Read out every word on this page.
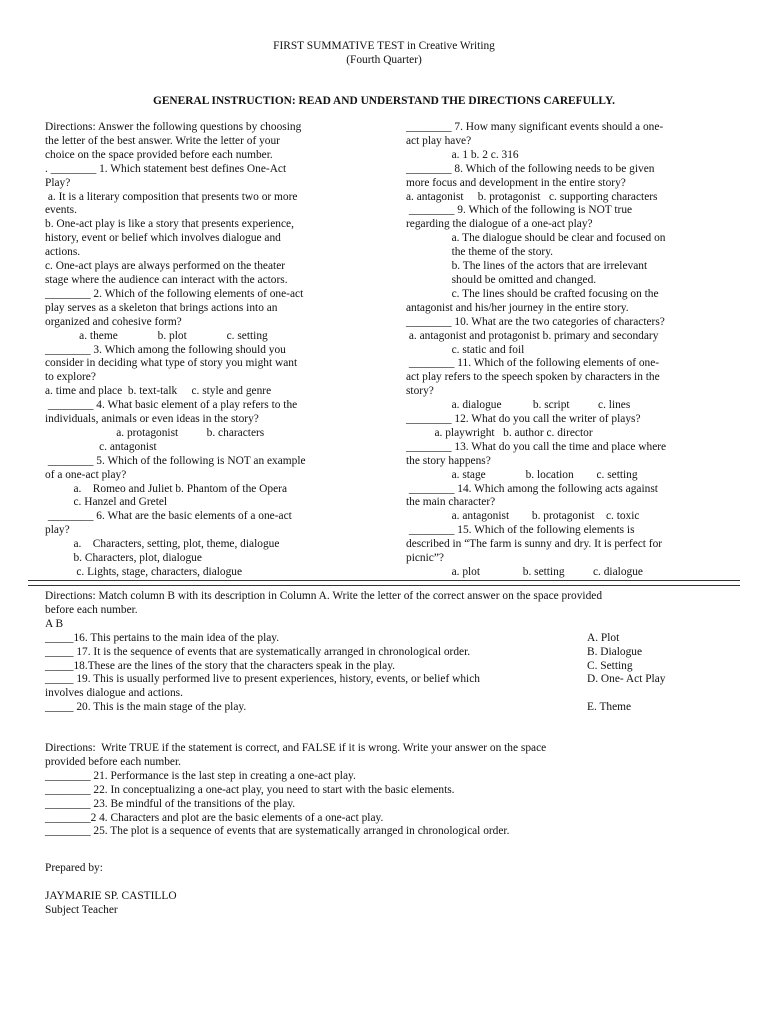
FIRST SUMMATIVE TEST in Creative Writing
(Fourth Quarter)
GENERAL INSTRUCTION: READ AND UNDERSTAND THE DIRECTIONS CAREFULLY.
Directions: Answer the following questions by choosing
the letter of the best answer. Write the letter of your
choice on the space provided before each number.
. ________ 1. Which statement best defines One-Act
Play?
a. It is a literary composition that presents two or more
events.
b. One-act play is like a story that presents experience,
history, event or belief which involves dialogue and
actions.
c. One-act plays are always performed on the theater
stage where the audience can interact with the actors.
________ 2. Which of the following elements of one-act
play serves as a skeleton that brings actions into an
organized and cohesive form?
a. theme              b. plot              c. setting
________ 3. Which among the following should you
consider in deciding what type of story you might want
to explore?
a. time and place  b. text-talk     c. style and genre
________ 4. What basic element of a play refers to the
individuals, animals or even ideas in the story?
a. protagonist          b. characters
c. antagonist
________ 5. Which of the following is NOT an example
of a one-act play?
a.    Romeo and Juliet b. Phantom of the Opera
c. Hanzel and Gretel
________ 6. What are the basic elements of a one-act
play?
a.    Characters, setting, plot, theme, dialogue
b. Characters, plot, dialogue
c. Lights, stage, characters, dialogue
________ 7. How many significant events should a one-
act play have?
a. 1 b. 2 c. 316
________ 8. Which of the following needs to be given
more focus and development in the entire story?
a. antagonist     b. protagonist   c. supporting characters
________ 9. Which of the following is NOT true
regarding the dialogue of a one-act play?
a. The dialogue should be clear and focused on
the theme of the story.
b. The lines of the actors that are irrelevant
should be omitted and changed.
c. The lines should be crafted focusing on the
antagonist and his/her journey in the entire story.
________ 10. What are the two categories of characters?
a. antagonist and protagonist b. primary and secondary
c. static and foil
________ 11. Which of the following elements of one-
act play refers to the speech spoken by characters in the
story?
a. dialogue           b. script          c. lines
________ 12. What do you call the writer of plays?
a. playwright   b. author c. director
________ 13. What do you call the time and place where
the story happens?
a. stage              b. location        c. setting
________ 14. Which among the following acts against
the main character?
a. antagonist        b. protagonist    c. toxic
________ 15. Which of the following elements is
described in “The farm is sunny and dry. It is perfect for
picnic”?
a. plot               b. setting          c. dialogue
Directions: Match column B with its description in Column A. Write the letter of the correct answer on the space provided
before each number.
A B
_____16. This pertains to the main idea of the play.	A. Plot
_____ 17. It is the sequence of events that are systematically arranged in chronological order.	B. Dialogue
_____18.These are the lines of the story that the characters speak in the play.	C. Setting
_____ 19. This is usually performed live to present experiences, history, events, or belief which	D. One- Act Play
involves dialogue and actions.
_____ 20. This is the main stage of the play.	E. Theme
Directions:  Write TRUE if the statement is correct, and FALSE if it is wrong. Write your answer on the space
provided before each number.
________ 21. Performance is the last step in creating a one-act play.
________ 22. In conceptualizing a one-act play, you need to start with the basic elements.
________ 23. Be mindful of the transitions of the play.
________2 4. Characters and plot are the basic elements of a one-act play.
________ 25. The plot is a sequence of events that are systematically arranged in chronological order.
Prepared by:
JAYMARIE SP. CASTILLO
Subject Teacher
